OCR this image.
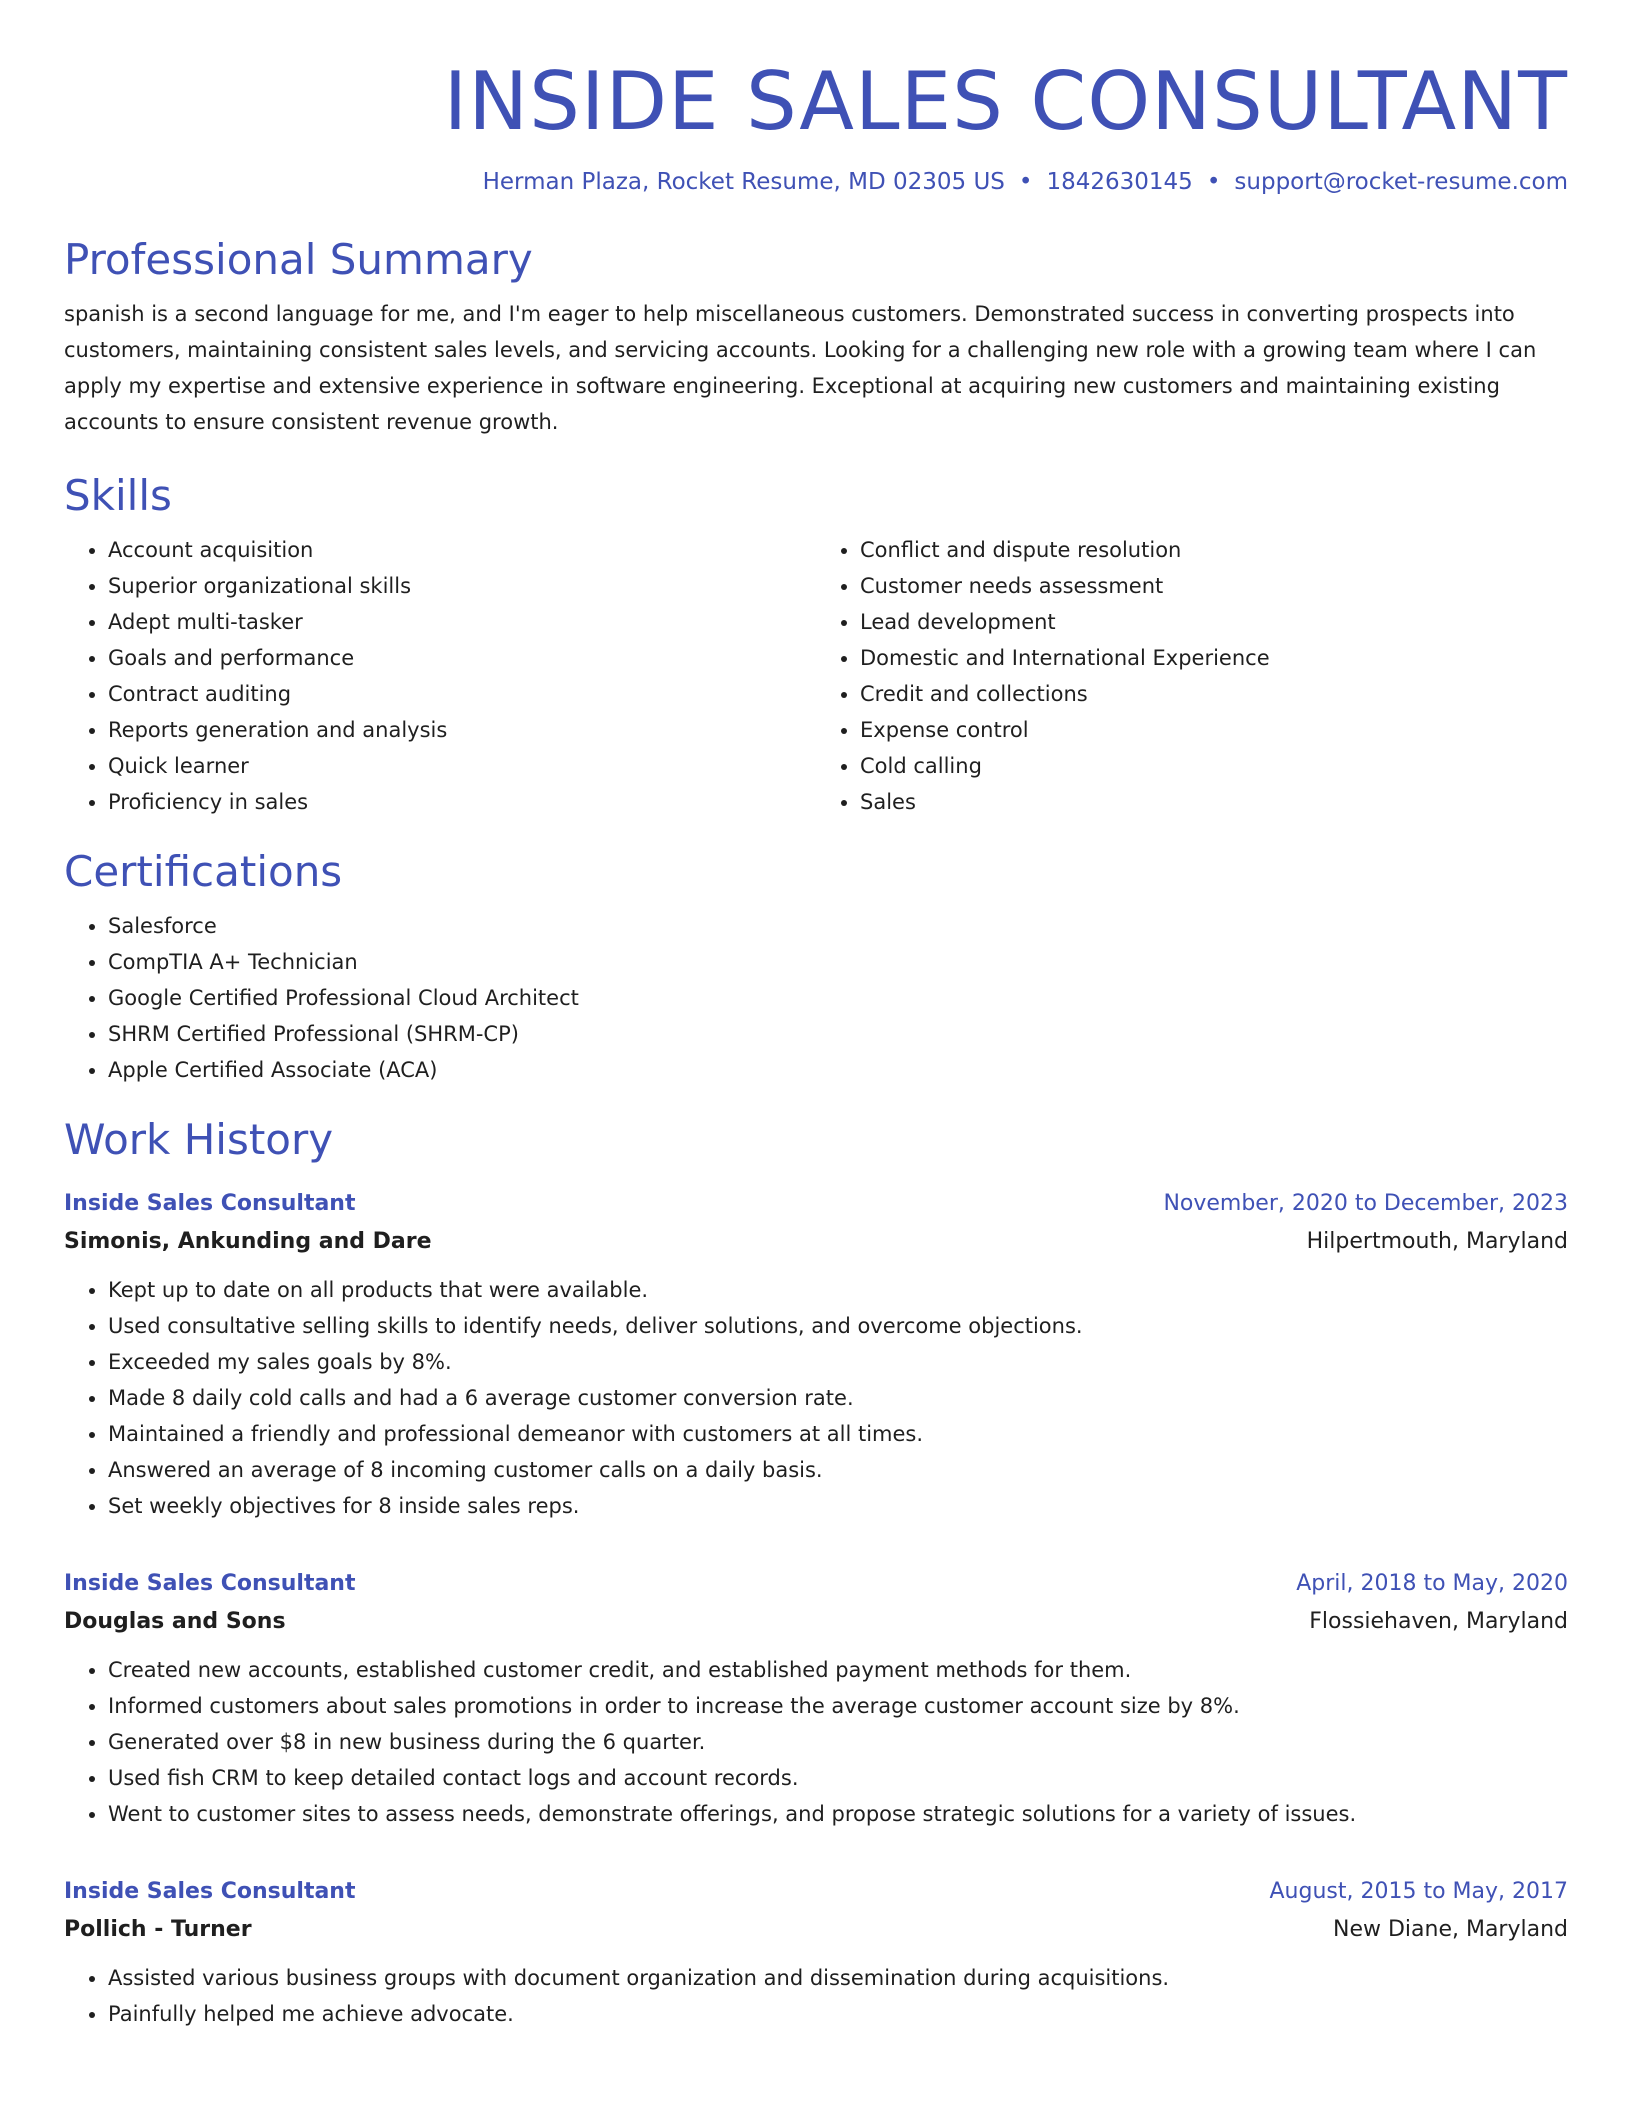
INSIDE SALES CONSULTANT
Herman Plaza, Rocket Resume, MD 02305 US • 1842630145 • support@rocket-resume.com
Professional Summary

spanish is a second language for me, and I'm eager to help miscellaneous customers. Demonstrated success in converting prospects into customers, maintaining consistent sales levels, and servicing accounts. Looking for a challenging new role with a growing team where I can apply my expertise and extensive experience in software engineering. Exceptional at acquiring new customers and maintaining existing accounts to ensure consistent revenue growth.

Skills
• Account acquisition
• Superior organizational skills
• Adept multi-tasker
• Goals and performance
• Contract auditing
• Reports generation and analysis
• Quick learner
• Proficiency in sales
• Conflict and dispute resolution
• Customer needs assessment
• Lead development
• Domestic and International Experience
• Credit and collections
• Expense control
• Cold calling
• Sales
Certifications
• Salesforce
• CompTIA A+ Technician
• Google Certified Professional Cloud Architect
• SHRM Certified Professional (SHRM-CP)
• Apple Certified Associate (ACA)
Work History
Inside Sales Consultant	November, 2020 to December, 2023
Simonis, Ankunding and Dare	Hilpertmouth, Maryland
• Kept up to date on all products that were available.
• Used consultative selling skills to identify needs, deliver solutions, and overcome objections.
• Exceeded my sales goals by 8%.
• Made 8 daily cold calls and had a 6 average customer conversion rate.
• Maintained a friendly and professional demeanor with customers at all times.
• Answered an average of 8 incoming customer calls on a daily basis.
• Set weekly objectives for 8 inside sales reps.
Inside Sales Consultant	April, 2018 to May, 2020
Douglas and Sons	Flossiehaven, Maryland
• Created new accounts, established customer credit, and established payment methods for them.
• Informed customers about sales promotions in order to increase the average customer account size by 8%.
• Generated over $8 in new business during the 6 quarter.
• Used fish CRM to keep detailed contact logs and account records.
• Went to customer sites to assess needs, demonstrate offerings, and propose strategic solutions for a variety of issues.
Inside Sales Consultant	August, 2015 to May, 2017
Pollich - Turner	New Diane, Maryland
• Assisted various business groups with document organization and dissemination during acquisitions.
• Painfully helped me achieve advocate.
